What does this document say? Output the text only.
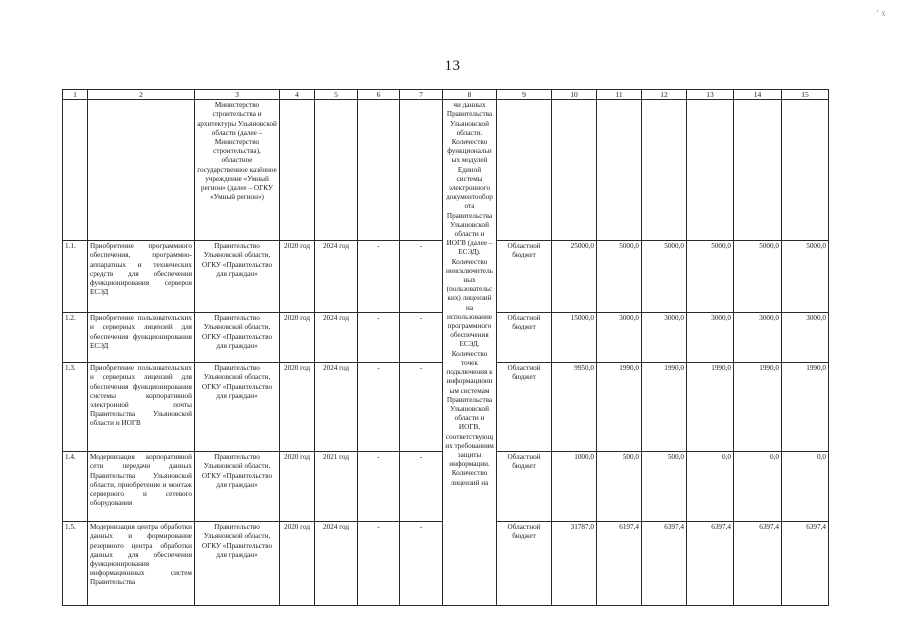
13
‘ х
1	2	3	4	5	6	7	8	9	10	11	12	13	14	15
		Министерство строительства и архитектуры Ульяновской области (далее – Министерство строительства), областное государственное казённое учреждение «Умный регион» (далее – ОГКУ «Умный регион»)					чи данных Правительства Ульяновской области. Количество функциональных модулей Единой системы электронного документооборота Правительства Ульяновской области и ИОГВ (далее – ЕСЭД). Количество неисключительных (пользовательских) лицензий на использование программного обеспечения ЕСЭД. Количество точек подключения к информационным системам Правительства Ульяновской области и ИОГВ, соответствующих требованиям защиты информации. Количество лицензий на							
1.1.	Приобретение программного обеспечения, программно-аппаратных и технических средств для обеспечения функционирования серверов ЕСЭД	Правительство Ульяновской области, ОГКУ «Правительство для граждан»	2020 год	2024 год	-	-		Областной бюджет	25000,0	5000,0	5000,0	5000,0	5000,0	5000,0
1.2.	Приобретение пользовательских и серверных лицензий для обеспечения функционирования ЕСЭД	Правительство Ульяновской области, ОГКУ «Правительство для граждан»	2020 год	2024 год	-	-		Областной бюджет	15000,0	3000,0	3000,0	3000,0	3000,0	3000,0
1.3.	Приобретение пользовательских и серверных лицензий для обеспечения функционирования системы корпоративной электронной почты Правительства Ульяновской области и ИОГВ	Правительство Ульяновской области, ОГКУ «Правительство для граждан»	2020 год	2024 год	-	-		Областной бюджет	9950,0	1990,0	1990,0	1990,0	1990,0	1990,0
1.4.	Модернизация корпоративной сети передачи данных Правительства Ульяновской области, приобретение и монтаж серверного и сетевого оборудования	Правительство Ульяновской области, ОГКУ «Правительство для граждан»	2020 год	2021 год	-	-		Областной бюджет	1000,0	500,0	500,0	0,0	0,0	0,0
1.5.	Модернизация центра обработки данных и формирование резервного центра обработки данных для обеспечения функционирования информационных систем Правительства	Правительство Ульяновской области, ОГКУ «Правительство для граждан»	2020 год	2024 год	-	-		Областной бюджет	31787,0	6197,4	6397,4	6397,4	6397,4	6397,4
